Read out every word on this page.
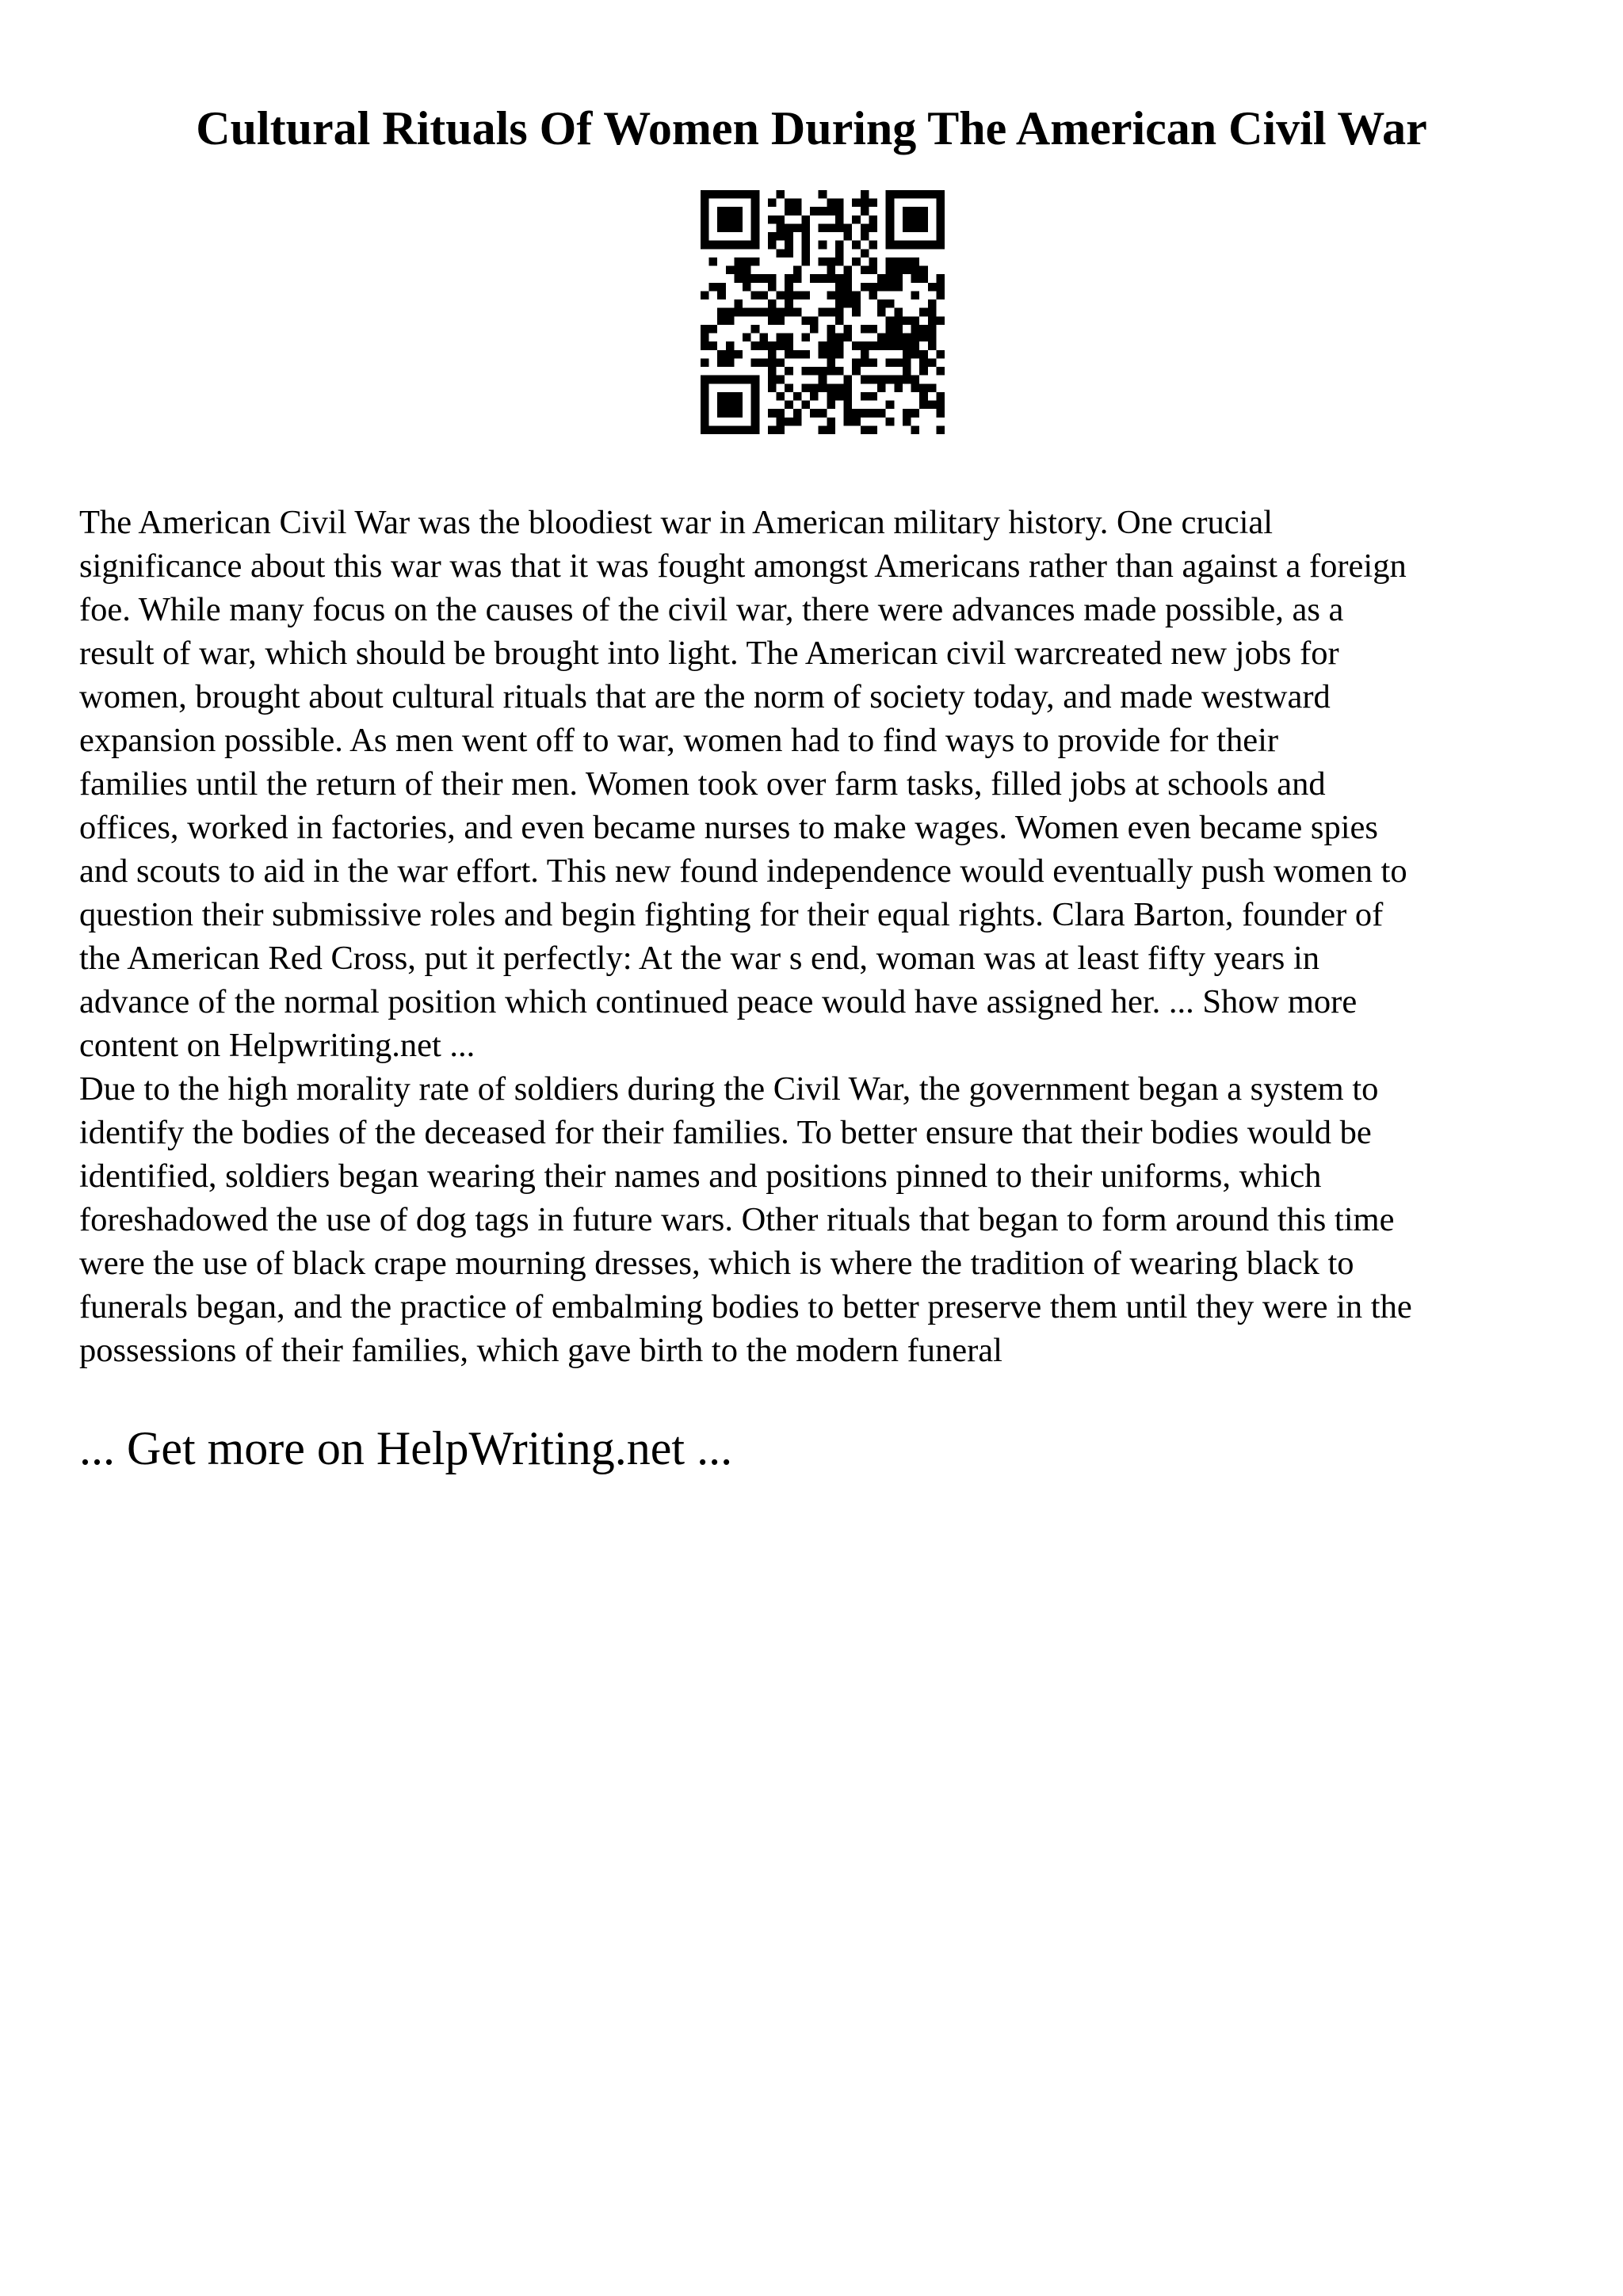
Cultural Rituals Of Women During The American Civil War

The American Civil War was the bloodiest war in American military history. One crucial
significance about this war was that it was fought amongst Americans rather than against a foreign
foe. While many focus on the causes of the civil war, there were advances made possible, as a
result of war, which should be brought into light. The American civil warcreated new jobs for
women, brought about cultural rituals that are the norm of society today, and made westward
expansion possible. As men went off to war, women had to find ways to provide for their
families until the return of their men. Women took over farm tasks, filled jobs at schools and
offices, worked in factories, and even became nurses to make wages. Women even became spies
and scouts to aid in the war effort. This new found independence would eventually push women to
question their submissive roles and begin fighting for their equal rights. Clara Barton, founder of
the American Red Cross, put it perfectly: At the war s end, woman was at least fifty years in
advance of the normal position which continued peace would have assigned her. ... Show more
content on Helpwriting.net ...
Due to the high morality rate of soldiers during the Civil War, the government began a system to
identify the bodies of the deceased for their families. To better ensure that their bodies would be
identified, soldiers began wearing their names and positions pinned to their uniforms, which
foreshadowed the use of dog tags in future wars. Other rituals that began to form around this time
were the use of black crape mourning dresses, which is where the tradition of wearing black to
funerals began, and the practice of embalming bodies to better preserve them until they were in the
possessions of their families, which gave birth to the modern funeral

... Get more on HelpWriting.net ...
